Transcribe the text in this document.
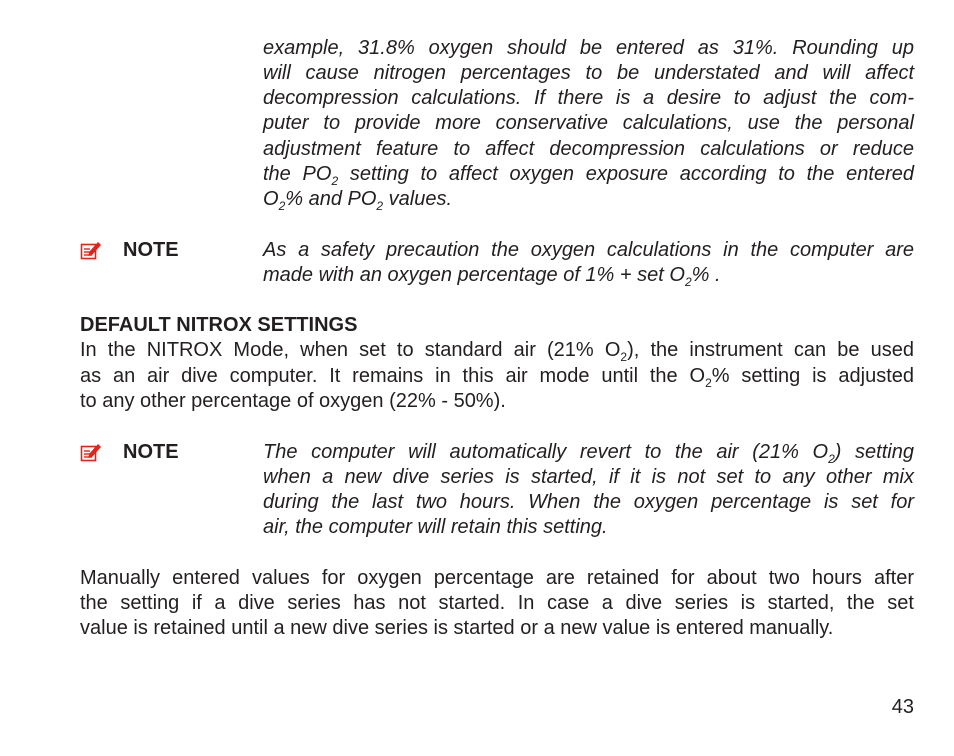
example, 31.8% oxygen should be entered as 31%. Rounding up
will cause nitrogen percentages to be understated and will affect
decompression calculations. If there is a desire to adjust the com-
puter to provide more conservative calculations, use the personal
adjustment feature to affect decompression calculations or reduce
the $PO_2$ setting to affect oxygen exposure according to the entered
$O_2\%$ and $PO_2$ values.
NOTE	As a safety precaution the oxygen calculations in the computer are
made with an oxygen percentage of 1% + set $O_2\%$ .
DEFAULT NITROX SETTINGS
In the NITROX Mode, when set to standard air (21% $O_2$), the instrument can be used
as an air dive computer. It remains in this air mode until the $O_2\%$ setting is adjusted
to any other percentage of oxygen (22% - 50%).
NOTE	The computer will automatically revert to the air (21% $O_2$) setting
when a new dive series is started, if it is not set to any other mix
during the last two hours. When the oxygen percentage is set for
air, the computer will retain this setting.
Manually entered values for oxygen percentage are retained for about two hours after
the setting if a dive series has not started. In case a dive series is started, the set
value is retained until a new dive series is started or a new value is entered manually.
43
